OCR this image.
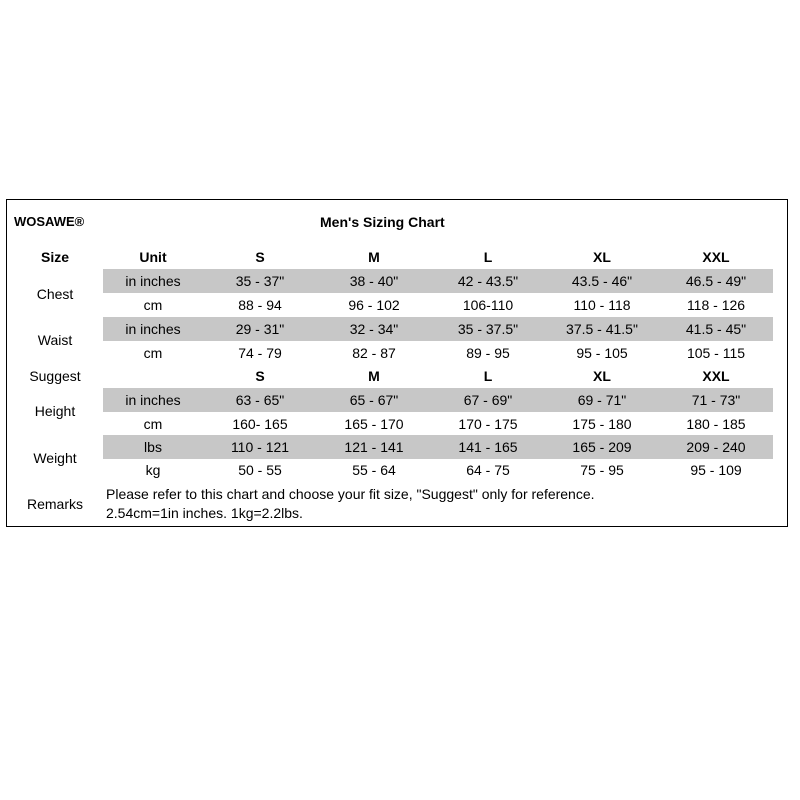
WOSAWE®	Men's Sizing Chart
Size	Unit	S	M	L	XL	XXL
Chest
in inches	35 - 37"	38 - 40"	42 - 43.5"	43.5 - 46"	46.5 - 49"
cm	88 - 94	96 - 102	106-110	110 - 118	118 - 126
Waist
in inches	29 - 31"	32 - 34"	35 - 37.5"	37.5 - 41.5"	41.5 - 45"
cm	74 - 79	82 - 87	89 - 95	95 - 105	105 - 115
Suggest	S	M	L	XL	XXL
Height
in inches	63 - 65"	65 - 67"	67 - 69"	69 - 71"	71 - 73"
cm	160- 165	165 - 170	170 - 175	175 - 180	180 - 185
Weight
lbs	110 - 121	121 - 141	141 - 165	165 - 209	209 - 240
kg	50 - 55	55 - 64	64 - 75	75 - 95	95 - 109
Remarks
Please refer to this chart and choose your fit size, "Suggest" only for reference.
2.54cm=1in inches. 1kg=2.2lbs.
